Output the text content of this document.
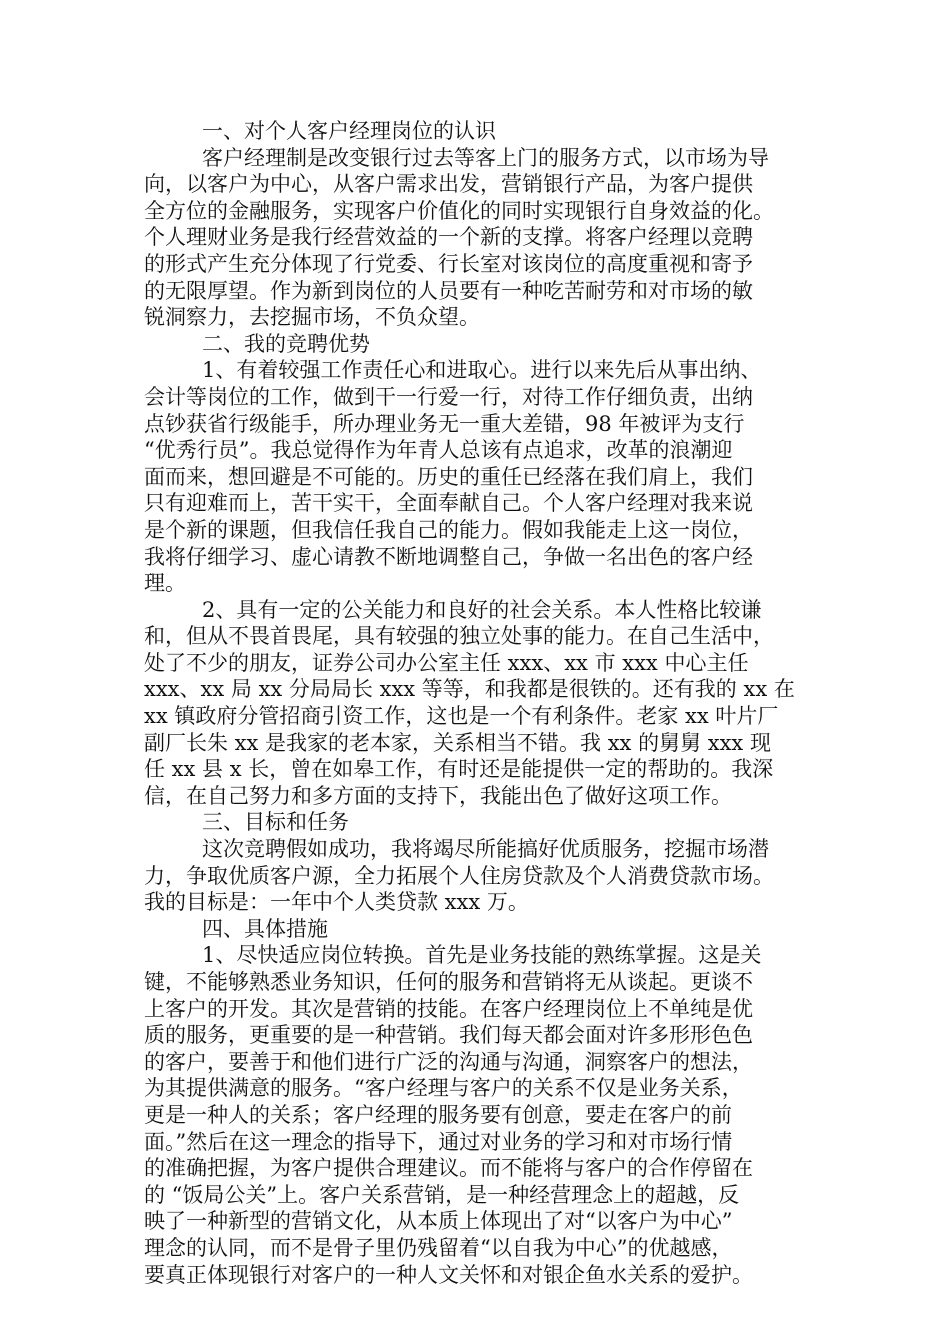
一、对个人客户经理岗位的认识
客户经理制是改变银行过去等客上门的服务方式，以市场为导
向，以客户为中心，从客户需求出发，营销银行产品，为客户提供
全方位的金融服务，实现客户价值化的同时实现银行自身效益的化。
个人理财业务是我行经营效益的一个新的支撑。将客户经理以竞聘
的形式产生充分体现了行党委、行长室对该岗位的高度重视和寄予
的无限厚望。作为新到岗位的人员要有一种吃苦耐劳和对市场的敏
锐洞察力，去挖掘市场，不负众望。
二、我的竞聘优势
1、有着较强工作责任心和进取心。进行以来先后从事出纳、
会计等岗位的工作，做到干一行爱一行，对待工作仔细负责，出纳
点钞获省行级能手，所办理业务无一重大差错，98 年被评为支行
“优秀行员”。我总觉得作为年青人总该有点追求，改革的浪潮迎
面而来，想回避是不可能的。历史的重任已经落在我们肩上，我们
只有迎难而上，苦干实干，全面奉献自己。个人客户经理对我来说
是个新的课题，但我信任我自己的能力。假如我能走上这一岗位，
我将仔细学习、虚心请教不断地调整自己，争做一名出色的客户经
理。
2、具有一定的公关能力和良好的社会关系。本人性格比较谦
和，但从不畏首畏尾，具有较强的独立处事的能力。在自己生活中，
处了不少的朋友，证券公司办公室主任 xxx、xx 市 xxx 中心主任
xxx、xx 局 xx 分局局长 xxx 等等，和我都是很铁的。还有我的 xx 在
xx 镇政府分管招商引资工作，这也是一个有利条件。老家 xx 叶片厂
副厂长朱 xx 是我家的老本家，关系相当不错。我 xx 的舅舅 xxx 现
任 xx 县 x 长，曾在如皋工作，有时还是能提供一定的帮助的。我深
信，在自己努力和多方面的支持下，我能出色了做好这项工作。
三、目标和任务
这次竞聘假如成功，我将竭尽所能搞好优质服务，挖掘市场潜
力，争取优质客户源，全力拓展个人住房贷款及个人消费贷款市场。
我的目标是：一年中个人类贷款 xxx 万。
四、具体措施
1、尽快适应岗位转换。首先是业务技能的熟练掌握。这是关
键，不能够熟悉业务知识，任何的服务和营销将无从谈起。更谈不
上客户的开发。其次是营销的技能。在客户经理岗位上不单纯是优
质的服务，更重要的是一种营销。我们每天都会面对许多形形色色
的客户，要善于和他们进行广泛的沟通与沟通，洞察客户的想法，
为其提供满意的服务。“客户经理与客户的关系不仅是业务关系，
更是一种人的关系；客户经理的服务要有创意，要走在客户的前
面。”然后在这一理念的指导下，通过对业务的学习和对市场行情
的准确把握，为客户提供合理建议。而不能将与客户的合作停留在
的 “饭局公关”上。客户关系营销，是一种经营理念上的超越，反
映了一种新型的营销文化，从本质上体现出了对“以客户为中心”
理念的认同，而不是骨子里仍残留着“以自我为中心”的优越感，
要真正体现银行对客户的一种人文关怀和对银企鱼水关系的爱护。
